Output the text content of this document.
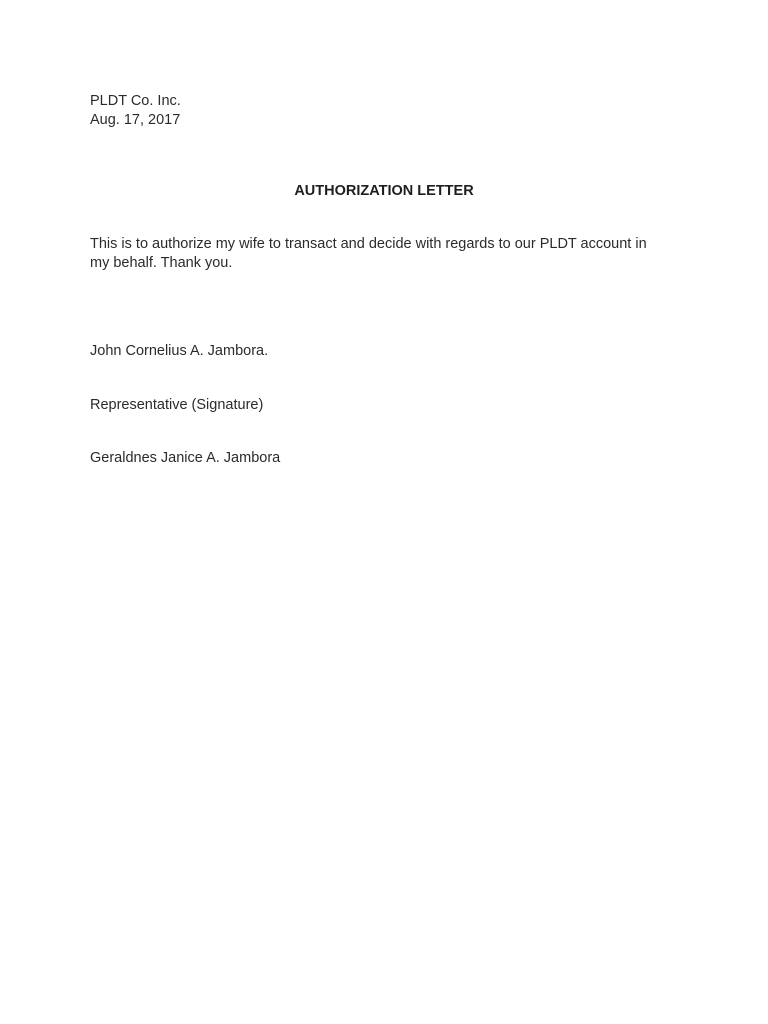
PLDT Co. Inc.
Aug. 17, 2017
AUTHORIZATION LETTER
This is to authorize my wife to transact and decide with regards to our PLDT account in
my behalf. Thank you.
John Cornelius A. Jambora.
Representative (Signature)
Geraldnes Janice A. Jambora
